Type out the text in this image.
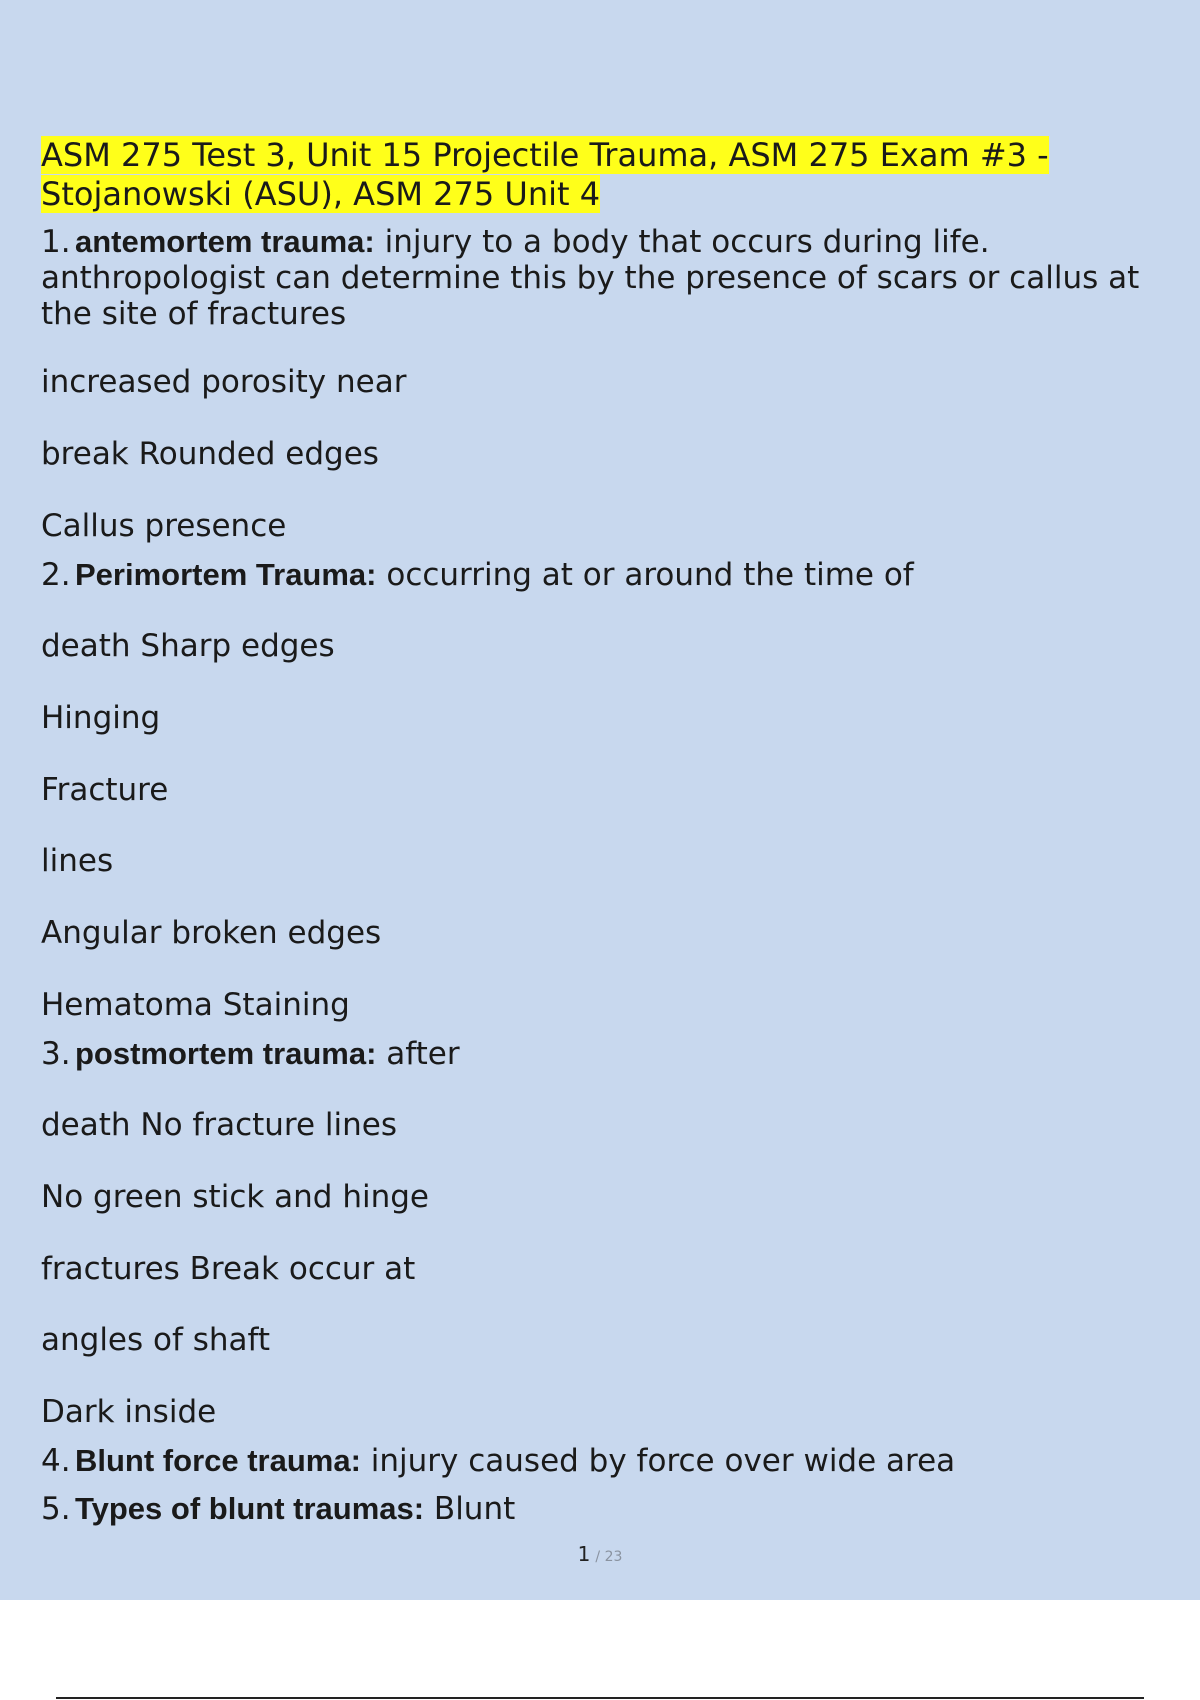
ASM 275 Test 3, Unit 15 Projectile Trauma, ASM 275 Exam #3 -
Stojanowski (ASU), ASM 275 Unit 4

1. antemortem trauma: injury to a body that occurs during life. anthropologist can determine this by the presence of scars or callus at the site of fractures

increased porosity near

break Rounded edges

Callus presence

2. Perimortem Trauma: occurring at or around the time of

death Sharp edges

Hinging

Fracture

lines

Angular broken edges

Hematoma Staining

3. postmortem trauma: after

death No fracture lines

No green stick and hinge

fractures Break occur at

angles of shaft

Dark inside

4. Blunt force trauma: injury caused by force over wide area

5. Types of blunt traumas: Blunt

1 / 23
